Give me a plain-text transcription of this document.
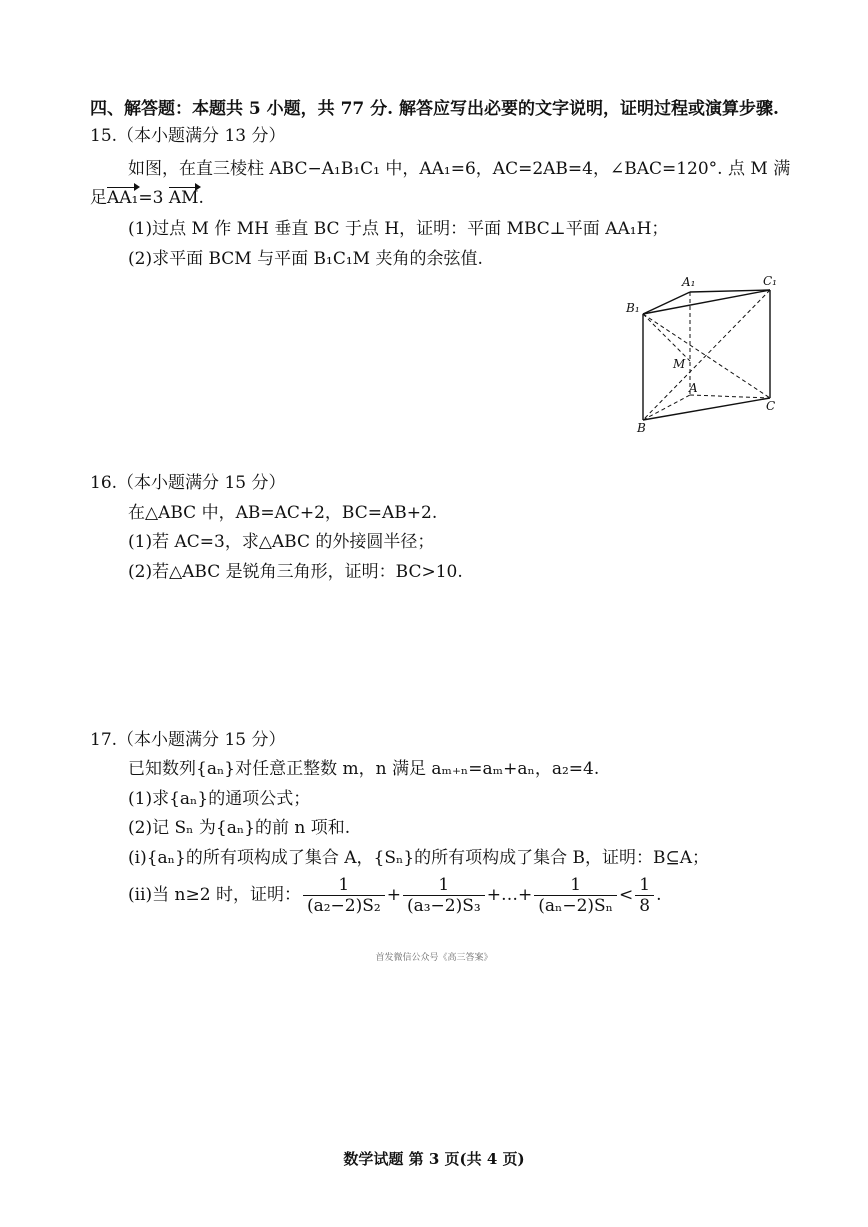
四、解答题：本题共 5 小题，共 77 分. 解答应写出必要的文字说明，证明过程或演算步骤.
15.（本小题满分 13 分）
如图，在直三棱柱 ABC−A₁B₁C₁ 中，AA₁=6，AC=2AB=4，∠BAC=120°. 点 M 满
足AA₁=3 AM.
(1)过点 M 作 MH 垂直 BC 于点 H，证明：平面 MBC⊥平面 AA₁H；
(2)求平面 BCM 与平面 B₁C₁M 夹角的余弦值.
A₁	C₁
B₁
M
A
B
C
16.（本小题满分 15 分）
在△ABC 中，AB=AC+2，BC=AB+2.
(1)若 AC=3，求△ABC 的外接圆半径；
(2)若△ABC 是锐角三角形，证明：BC>10.
17.（本小题满分 15 分）
已知数列{aₙ}对任意正整数 m，n 满足 aₘ₊ₙ=aₘ+aₙ，a₂=4.
(1)求{aₙ}的通项公式；
(2)记 Sₙ 为{aₙ}的前 n 项和.
(ⅰ){aₙ}的所有项构成了集合 A，{Sₙ}的所有项构成了集合 B，证明：B⊆A；
(ⅱ)当 n≥2 时，证明： $\frac{1}{\text{(a₂−2)S₂}} + \frac{1}{\text{(a₃−2)S₃}}$ +…+ $\frac{1}{\text{(aₙ−2)Sₙ}} < \frac{1}{8}$ .
首发微信公众号《高三答案》
数学试题 第 3 页(共 4 页)
